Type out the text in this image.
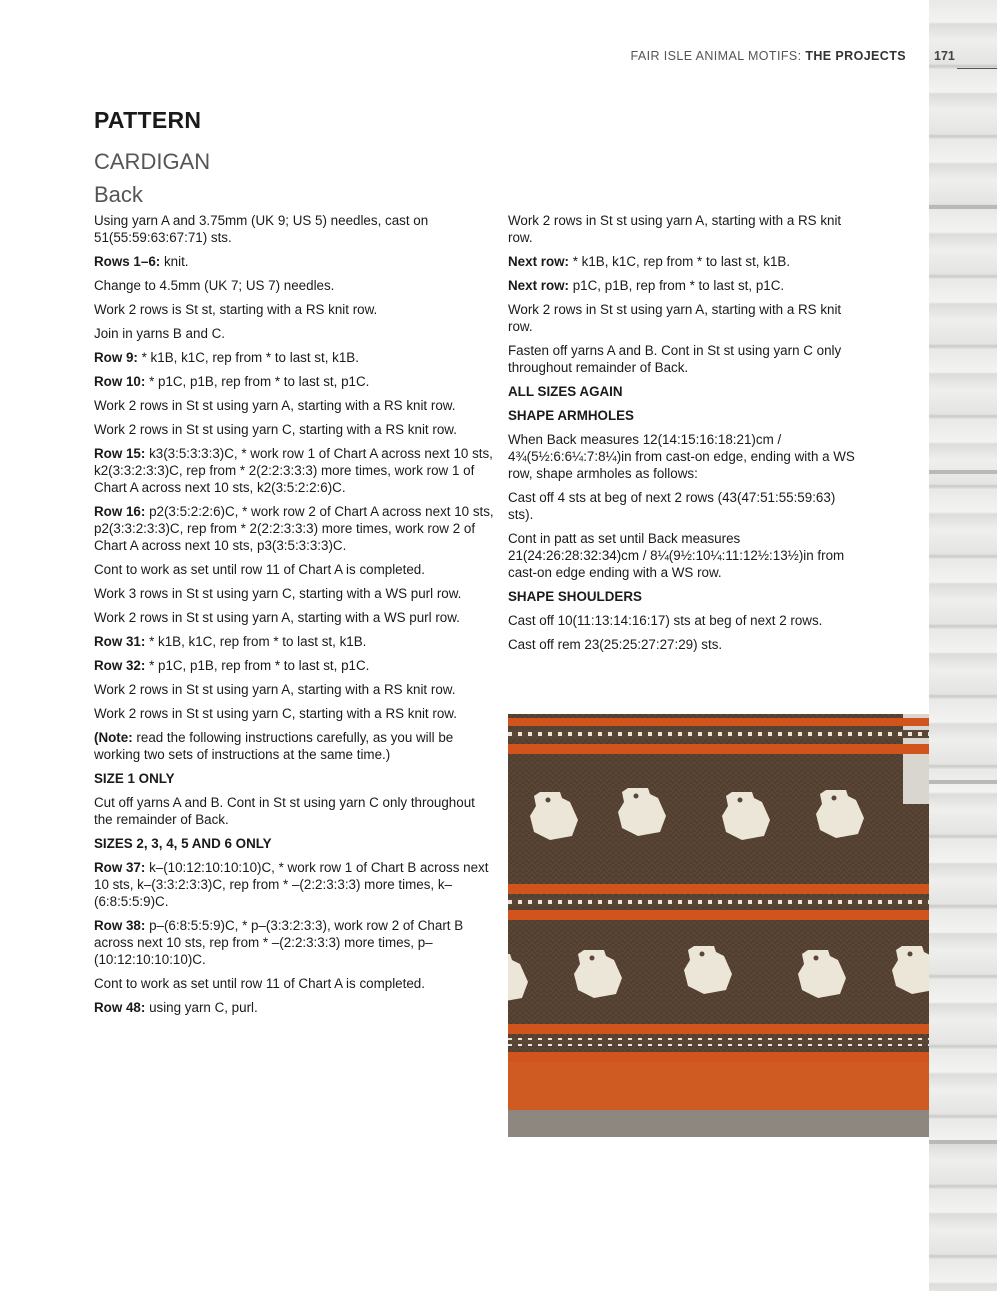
FAIR ISLE ANIMAL MOTIFS: THE PROJECTS 171
PATTERN
CARDIGAN
Back

Using yarn A and 3.75mm (UK 9; US 5) needles, cast on 51(55:59:63:67:71) sts.

Rows 1–6: knit.

Change to 4.5mm (UK 7; US 7) needles.

Work 2 rows is St st, starting with a RS knit row.

Join in yarns B and C.

Row 9: * k1B, k1C, rep from * to last st, k1B.

Row 10: * p1C, p1B, rep from * to last st, p1C.

Work 2 rows in St st using yarn A, starting with a RS knit row.

Work 2 rows in St st using yarn C, starting with a RS knit row.

Row 15: k3(3:5:3:3:3)C, * work row 1 of Chart A across next 10 sts, k2(3:3:2:3:3)C, rep from * 2(2:2:3:3:3) more times, work row 1 of Chart A across next 10 sts, k2(3:5:2:2:6)C.

Row 16: p2(3:5:2:2:6)C, * work row 2 of Chart A across next 10 sts, p2(3:3:2:3:3)C, rep from * 2(2:2:3:3:3) more times, work row 2 of Chart A across next 10 sts, p3(3:5:3:3:3)C.

Cont to work as set until row 11 of Chart A is completed.

Work 3 rows in St st using yarn C, starting with a WS purl row.

Work 2 rows in St st using yarn A, starting with a WS purl row.

Row 31: * k1B, k1C, rep from * to last st, k1B.

Row 32: * p1C, p1B, rep from * to last st, p1C.

Work 2 rows in St st using yarn A, starting with a RS knit row.

Work 2 rows in St st using yarn C, starting with a RS knit row.

(Note: read the following instructions carefully, as you will be working two sets of instructions at the same time.)

SIZE 1 ONLY

Cut off yarns A and B. Cont in St st using yarn C only throughout the remainder of Back.

SIZES 2, 3, 4, 5 AND 6 ONLY

Row 37: k–(10:12:10:10:10)C, * work row 1 of Chart B across next 10 sts, k–(3:3:2:3:3)C, rep from * –(2:2:3:3:3) more times, k–(6:8:5:5:9)C.

Row 38: p–(6:8:5:5:9)C, * p–(3:3:2:3:3), work row 2 of Chart B across next 10 sts, rep from * –(2:2:3:3:3) more times, p–(10:12:10:10:10)C.

Cont to work as set until row 11 of Chart A is completed.

Row 48: using yarn C, purl.

Work 2 rows in St st using yarn A, starting with a RS knit row.

Next row: * k1B, k1C, rep from * to last st, k1B.

Next row: p1C, p1B, rep from * to last st, p1C.

Work 2 rows in St st using yarn A, starting with a RS knit row.

Fasten off yarns A and B. Cont in St st using yarn C only throughout remainder of Back.

ALL SIZES AGAIN
SHAPE ARMHOLES

When Back measures 12(14:15:16:18:21)cm / 4¾(5½:6:6¼:7:8¼)in from cast-on edge, ending with a WS row, shape armholes as follows:

Cast off 4 sts at beg of next 2 rows (43(47:51:55:59:63) sts).

Cont in patt as set until Back measures 21(24:26:28:32:34)cm / 8¼(9½:10¼:11:12½:13½)in from cast-on edge ending with a WS row.

SHAPE SHOULDERS

Cast off 10(11:13:14:16:17) sts at beg of next 2 rows.

Cast off rem 23(25:25:27:27:29) sts.
